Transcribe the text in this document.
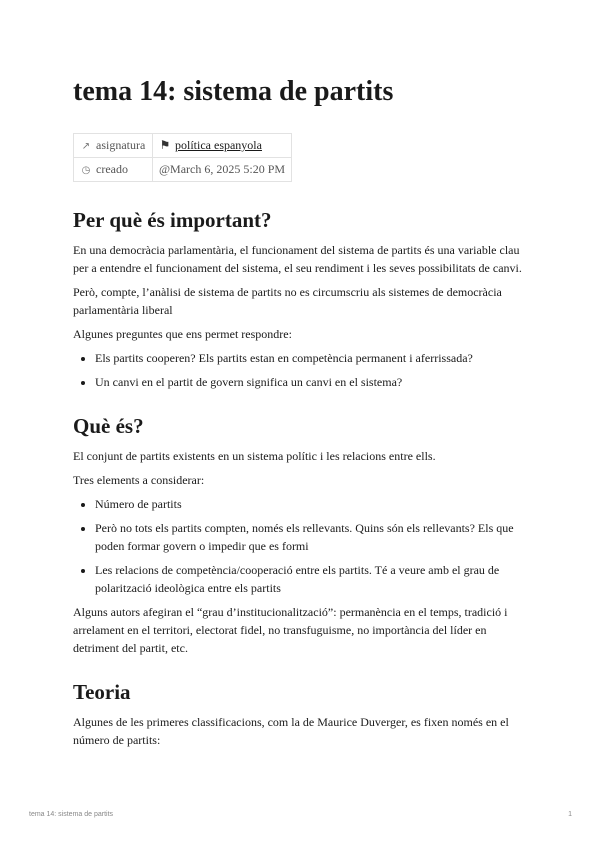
tema 14: sistema de partits
↗ asignatura	⚑ política espanyola
◷ creado	@March 6, 2025 5:20 PM
Per què és important?

En una democràcia parlamentària, el funcionament del sistema de partits és una variable clau per a entendre el funcionament del sistema, el seu rendiment i les seves possibilitats de canvi.

Però, compte, l’anàlisi de sistema de partits no es circumscriu als sistemes de democràcia parlamentària liberal

Algunes preguntes que ens permet respondre:

• Els partits cooperen? Els partits estan en competència permanent i aferrissada?
• Un canvi en el partit de govern significa un canvi en el sistema?
Què és?

El conjunt de partits existents en un sistema polític i les relacions entre ells.

Tres elements a considerar:

• Número de partits
• Però no tots els partits compten, només els rellevants. Quins són els rellevants? Els que poden formar govern o impedir que es formi
• Les relacions de competència/cooperació entre els partits. Té a veure amb el grau de polarització ideològica entre els partits

Alguns autors afegiran el “grau d’institucionalització”: permanència en el temps, tradició i arrelament en el territori, electorat fidel, no transfuguisme, no importància del líder en detriment del partit, etc.

Teoria

Algunes de les primeres classificacions, com la de Maurice Duverger, es fixen només en el número de partits:

tema 14: sistema de partits	1
